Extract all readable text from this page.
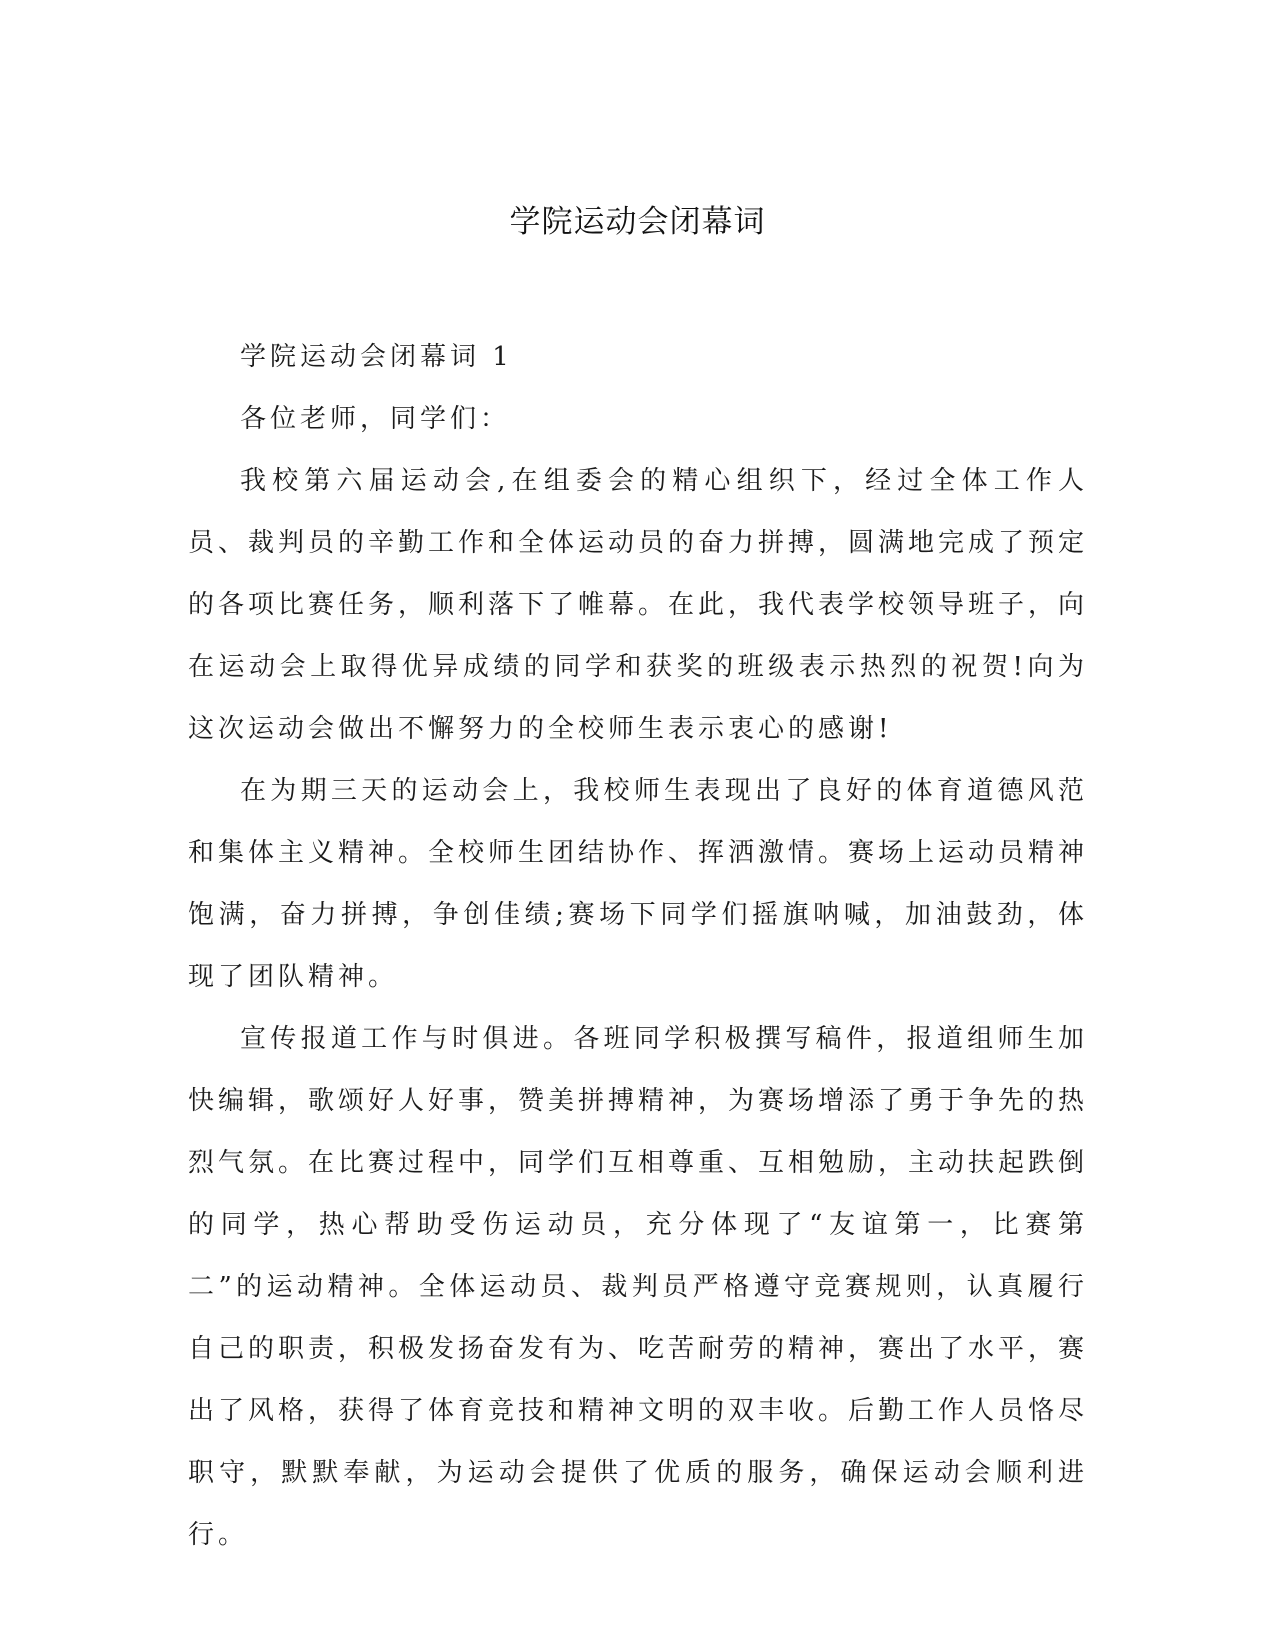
学院运动会闭幕词

学院运动会闭幕词 1

各位老师，同学们：

我校第六届运动会,在组委会的精心组织下，经过全体工作人员、裁判员的辛勤工作和全体运动员的奋力拼搏，圆满地完成了预定的各项比赛任务，顺利落下了帷幕。在此，我代表学校领导班子，向在运动会上取得优异成绩的同学和获奖的班级表示热烈的祝贺!向为这次运动会做出不懈努力的全校师生表示衷心的感谢!

在为期三天的运动会上，我校师生表现出了良好的体育道德风范和集体主义精神。全校师生团结协作、挥洒激情。赛场上运动员精神饱满，奋力拼搏，争创佳绩;赛场下同学们摇旗呐喊，加油鼓劲，体现了团队精神。

宣传报道工作与时俱进。各班同学积极撰写稿件，报道组师生加快编辑，歌颂好人好事，赞美拼搏精神，为赛场增添了勇于争先的热烈气氛。在比赛过程中，同学们互相尊重、互相勉励，主动扶起跌倒的同学，热心帮助受伤运动员，充分体现了“友谊第一，比赛第二”的运动精神。全体运动员、裁判员严格遵守竞赛规则，认真履行自己的职责，积极发扬奋发有为、吃苦耐劳的精神，赛出了水平，赛出了风格，获得了体育竞技和精神文明的双丰收。后勤工作人员恪尽职守，默默奉献，为运动会提供了优质的服务，确保运动会顺利进行。
